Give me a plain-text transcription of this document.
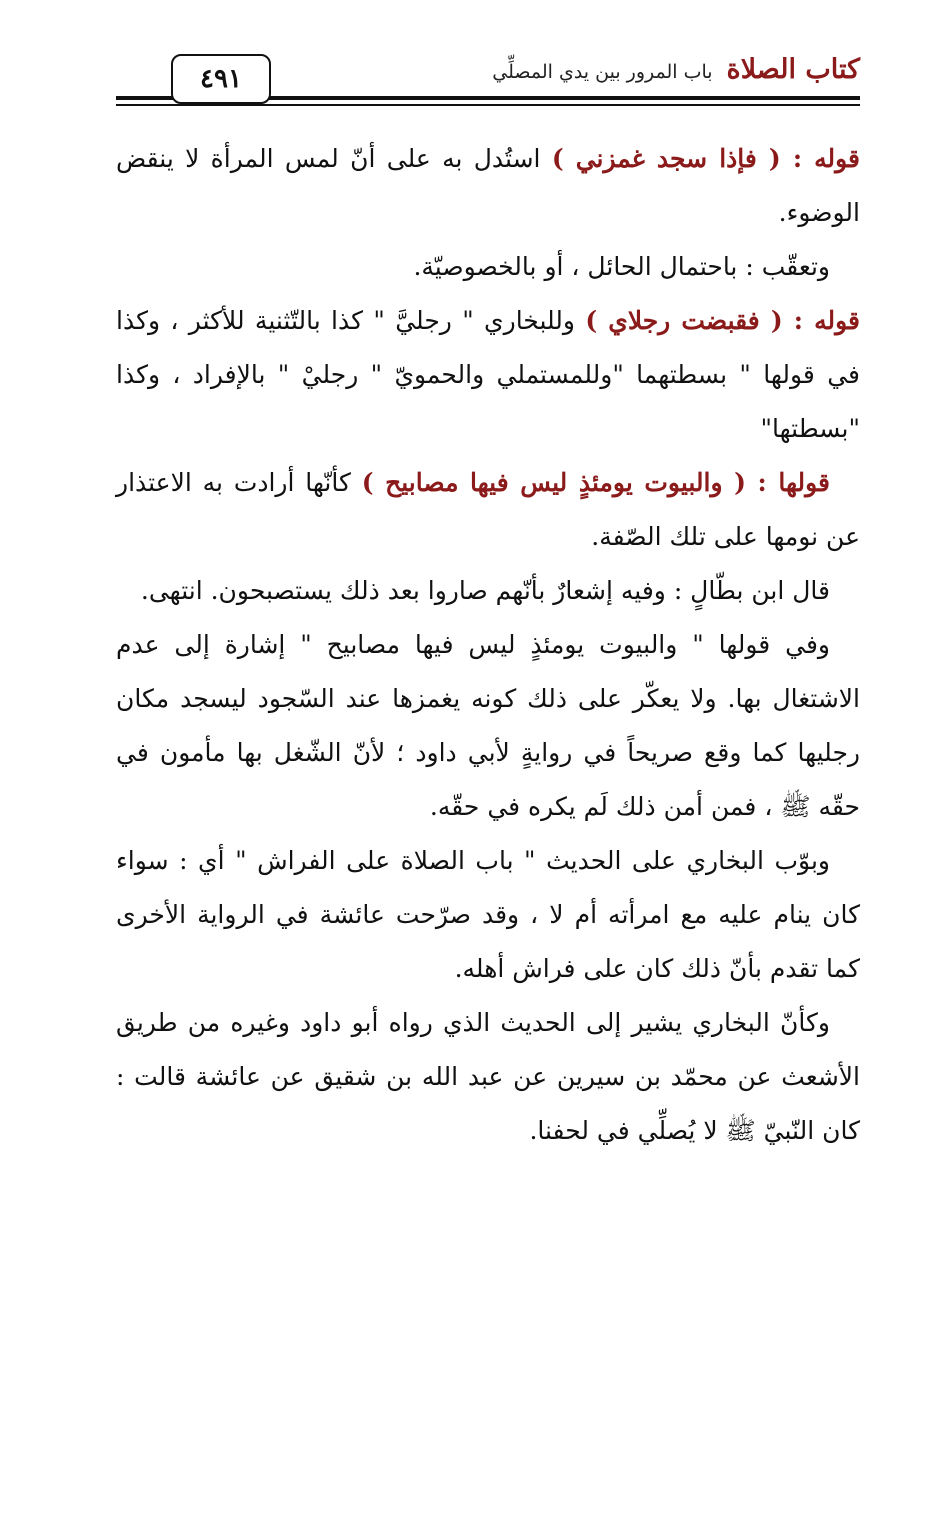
٤٩١	كتاب الصلاة
باب المرور بين يدي المصلِّي

قوله : ( فإذا سجد غمزني ) استُدل به على أنّ لمس المرأة لا ينقض الوضوء.

وتعقّب : باحتمال الحائل ، أو بالخصوصيّة.

قوله : ( فقبضت رجلاي ) وللبخاري " رجليَّ " كذا بالتّثنية للأكثر ، وكذا في قولها " بسطتهما "وللمستملي والحمويّ " رجليْ " بالإفراد ، وكذا "بسطتها"

قولها : ( والبيوت يومئذٍ ليس فيها مصابيح ) كأنّها أرادت به الاعتذار عن نومها على تلك الصّفة.

قال ابن بطّالٍ : وفيه إشعارٌ بأنّهم صاروا بعد ذلك يستصبحون. انتهى.

وفي قولها " والبيوت يومئذٍ ليس فيها مصابيح " إشارة إلى عدم الاشتغال بها. ولا يعكّر على ذلك كونه يغمزها عند السّجود ليسجد مكان رجليها كما وقع صريحاً في روايةٍ لأبي داود ؛ لأنّ الشّغل بها مأمون في حقّه ﷺ ، فمن أمن ذلك لَم يكره في حقّه.

وبوّب البخاري على الحديث " باب الصلاة على الفراش " أي : سواء كان ينام عليه مع امرأته أم لا ، وقد صرّحت عائشة في الرواية الأخرى كما تقدم بأنّ ذلك كان على فراش أهله.

وكأنّ البخاري يشير إلى الحديث الذي رواه أبو داود وغيره من طريق الأشعث عن محمّد بن سيرين عن عبد الله بن شقيق عن عائشة قالت : كان النّبيّ ﷺ لا يُصلِّي في لحفنا.
